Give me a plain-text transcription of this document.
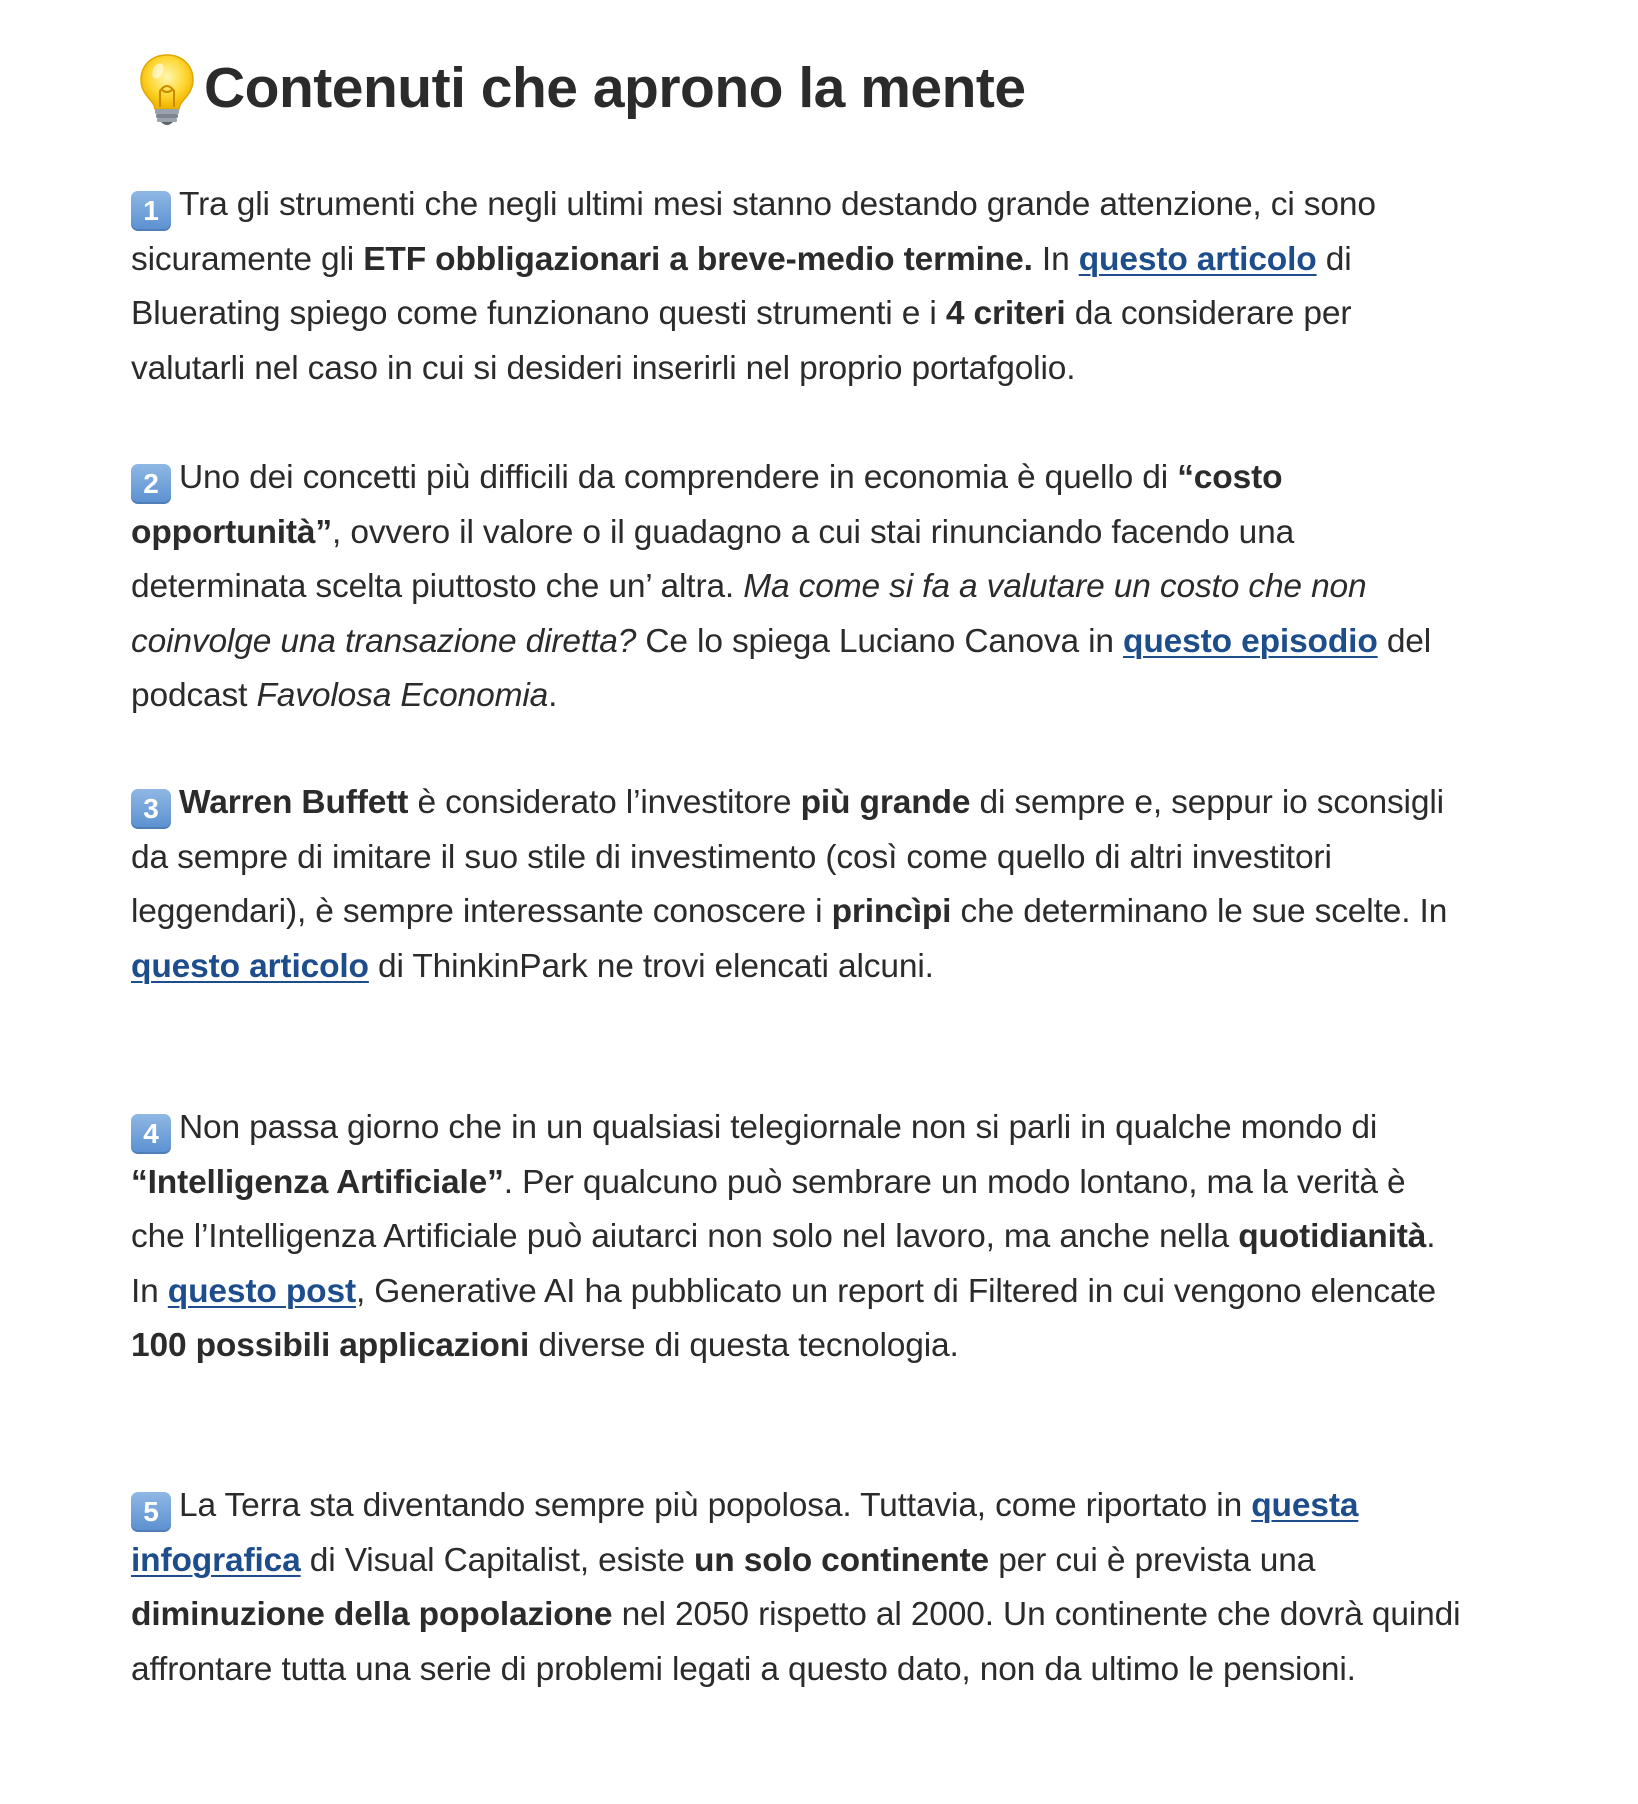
Contenuti che aprono la mente

1 Tra gli strumenti che negli ultimi mesi stanno destando grande attenzione, ci sono sicuramente gli ETF obbligazionari a breve-medio termine. In questo articolo di Bluerating spiego come funzionano questi strumenti e i 4 criteri da considerare per valutarli nel caso in cui si desideri inserirli nel proprio portafgolio.

2 Uno dei concetti più difficili da comprendere in economia è quello di “costo opportunità”, ovvero il valore o il guadagno a cui stai rinunciando facendo una determinata scelta piuttosto che un’ altra. Ma come si fa a valutare un costo che non coinvolge una transazione diretta? Ce lo spiega Luciano Canova in questo episodio del podcast Favolosa Economia.

3 Warren Buffett è considerato l’investitore più grande di sempre e, seppur io sconsigli da sempre di imitare il suo stile di investimento (così come quello di altri investitori leggendari), è sempre interessante conoscere i princìpi che determinano le sue scelte. In questo articolo di ThinkinPark ne trovi elencati alcuni.

4 Non passa giorno che in un qualsiasi telegiornale non si parli in qualche mondo di “Intelligenza Artificiale”. Per qualcuno può sembrare un modo lontano, ma la verità è che l’Intelligenza Artificiale può aiutarci non solo nel lavoro, ma anche nella quotidianità. In questo post, Generative AI ha pubblicato un report di Filtered in cui vengono elencate 100 possibili applicazioni diverse di questa tecnologia.

5 La Terra sta diventando sempre più popolosa. Tuttavia, come riportato in questa infografica di Visual Capitalist, esiste un solo continente per cui è prevista una diminuzione della popolazione nel 2050 rispetto al 2000. Un continente che dovrà quindi affrontare tutta una serie di problemi legati a questo dato, non da ultimo le pensioni.
